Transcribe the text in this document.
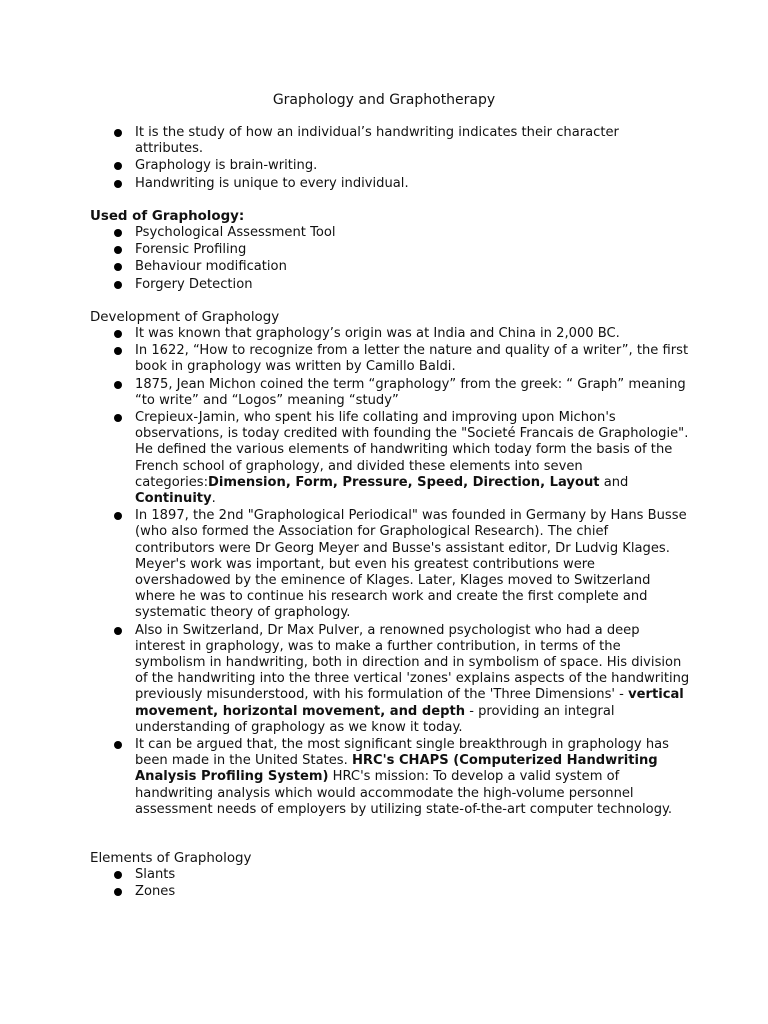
Graphology and Graphotherapy
It is the study of how an individual’s handwriting indicates their character attributes.
Graphology is brain-writing.
Handwriting is unique to every individual.
Used of Graphology:
Psychological Assessment Tool
Forensic Profiling
Behaviour modification
Forgery Detection
Development of Graphology
It was known that graphology’s origin was at India and China in 2,000 BC.
In 1622, “How to recognize from a letter the nature and quality of a writer”, the first book in graphology was written by Camillo Baldi.
1875, Jean Michon coined the term “graphology” from the greek: “ Graph” meaning “to write” and “Logos” meaning “study”
Crepieux-Jamin, who spent his life collating and improving upon Michon's observations, is today credited with founding the "Societé Francais de Graphologie". He defined the various elements of handwriting which today form the basis of the French school of graphology, and divided these elements into seven categories:Dimension, Form, Pressure, Speed, Direction, Layout and Continuity.
In 1897, the 2nd "Graphological Periodical" was founded in Germany by Hans Busse (who also formed the Association for Graphological Research). The chief contributors were Dr Georg Meyer and Busse's assistant editor, Dr Ludvig Klages. Meyer's work was important, but even his greatest contributions were overshadowed by the eminence of Klages. Later, Klages moved to Switzerland where he was to continue his research work and create the first complete and systematic theory of graphology.
Also in Switzerland, Dr Max Pulver, a renowned psychologist who had a deep interest in graphology, was to make a further contribution, in terms of the symbolism in handwriting, both in direction and in symbolism of space. His division of the handwriting into the three vertical 'zones' explains aspects of the handwriting previously misunderstood, with his formulation of the 'Three Dimensions' - vertical movement, horizontal movement, and depth - providing an integral understanding of graphology as we know it today.
It can be argued that, the most significant single breakthrough in graphology has been made in the United States. HRC's CHAPS (Computerized Handwriting Analysis Profiling System) HRC's mission: To develop a valid system of handwriting analysis which would accommodate the high-volume personnel assessment needs of employers by utilizing state-of-the-art computer technology.
Elements of Graphology
Slants
Zones
